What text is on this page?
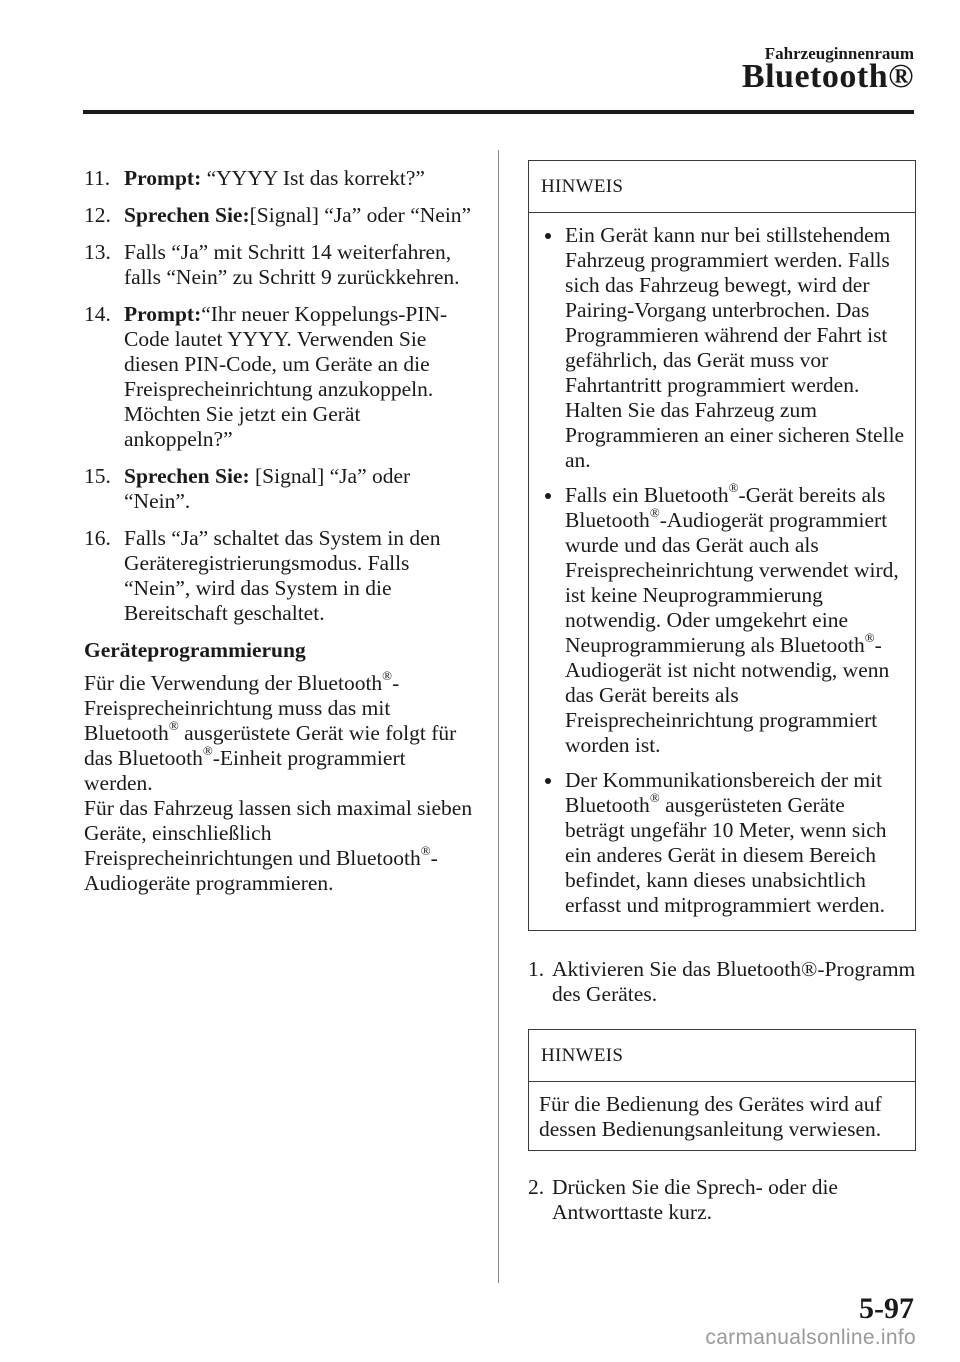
Fahrzeuginnenraum
Bluetooth®
11. Prompt: “YYYY Ist das korrekt?”
12. Sprechen Sie:[Signal] “Ja” oder “Nein”
13. Falls “Ja” mit Schritt 14 weiterfahren, falls “Nein” zu Schritt 9 zurückkehren.
14. Prompt:“Ihr neuer Koppelungs-PIN-Code lautet YYYY. Verwenden Sie diesen PIN-Code, um Geräte an die Freisprecheinrichtung anzukoppeln. Möchten Sie jetzt ein Gerät ankoppeln?”
15. Sprechen Sie: [Signal] “Ja” oder “Nein”.
16. Falls “Ja” schaltet das System in den Geräteregistrierungsmodus. Falls “Nein”, wird das System in die Bereitschaft geschaltet.
Geräteprogrammierung
Für die Verwendung der Bluetooth®-Freisprecheinrichtung muss das mit Bluetooth® ausgerüstete Gerät wie folgt für das Bluetooth®-Einheit programmiert werden.
Für das Fahrzeug lassen sich maximal sieben Geräte, einschließlich Freisprecheinrichtungen und Bluetooth®-Audiogeräte programmieren.
HINWEIS
Ein Gerät kann nur bei stillstehendem Fahrzeug programmiert werden. Falls sich das Fahrzeug bewegt, wird der Pairing-Vorgang unterbrochen. Das Programmieren während der Fahrt ist gefährlich, das Gerät muss vor Fahrtantritt programmiert werden. Halten Sie das Fahrzeug zum Programmieren an einer sicheren Stelle an.
Falls ein Bluetooth®-Gerät bereits als Bluetooth®-Audiogerät programmiert wurde und das Gerät auch als Freisprecheinrichtung verwendet wird, ist keine Neuprogrammierung notwendig. Oder umgekehrt eine Neuprogrammierung als Bluetooth®-Audiogerät ist nicht notwendig, wenn das Gerät bereits als Freisprecheinrichtung programmiert worden ist.
Der Kommunikationsbereich der mit Bluetooth® ausgerüsteten Geräte beträgt ungefähr 10 Meter, wenn sich ein anderes Gerät in diesem Bereich befindet, kann dieses unabsichtlich erfasst und mitprogrammiert werden.
1. Aktivieren Sie das Bluetooth®-Programm des Gerätes.
HINWEIS
Für die Bedienung des Gerätes wird auf dessen Bedienungsanleitung verwiesen.
2. Drücken Sie die Sprech- oder die Antworttaste kurz.
5-97
carmanualsonline.info
